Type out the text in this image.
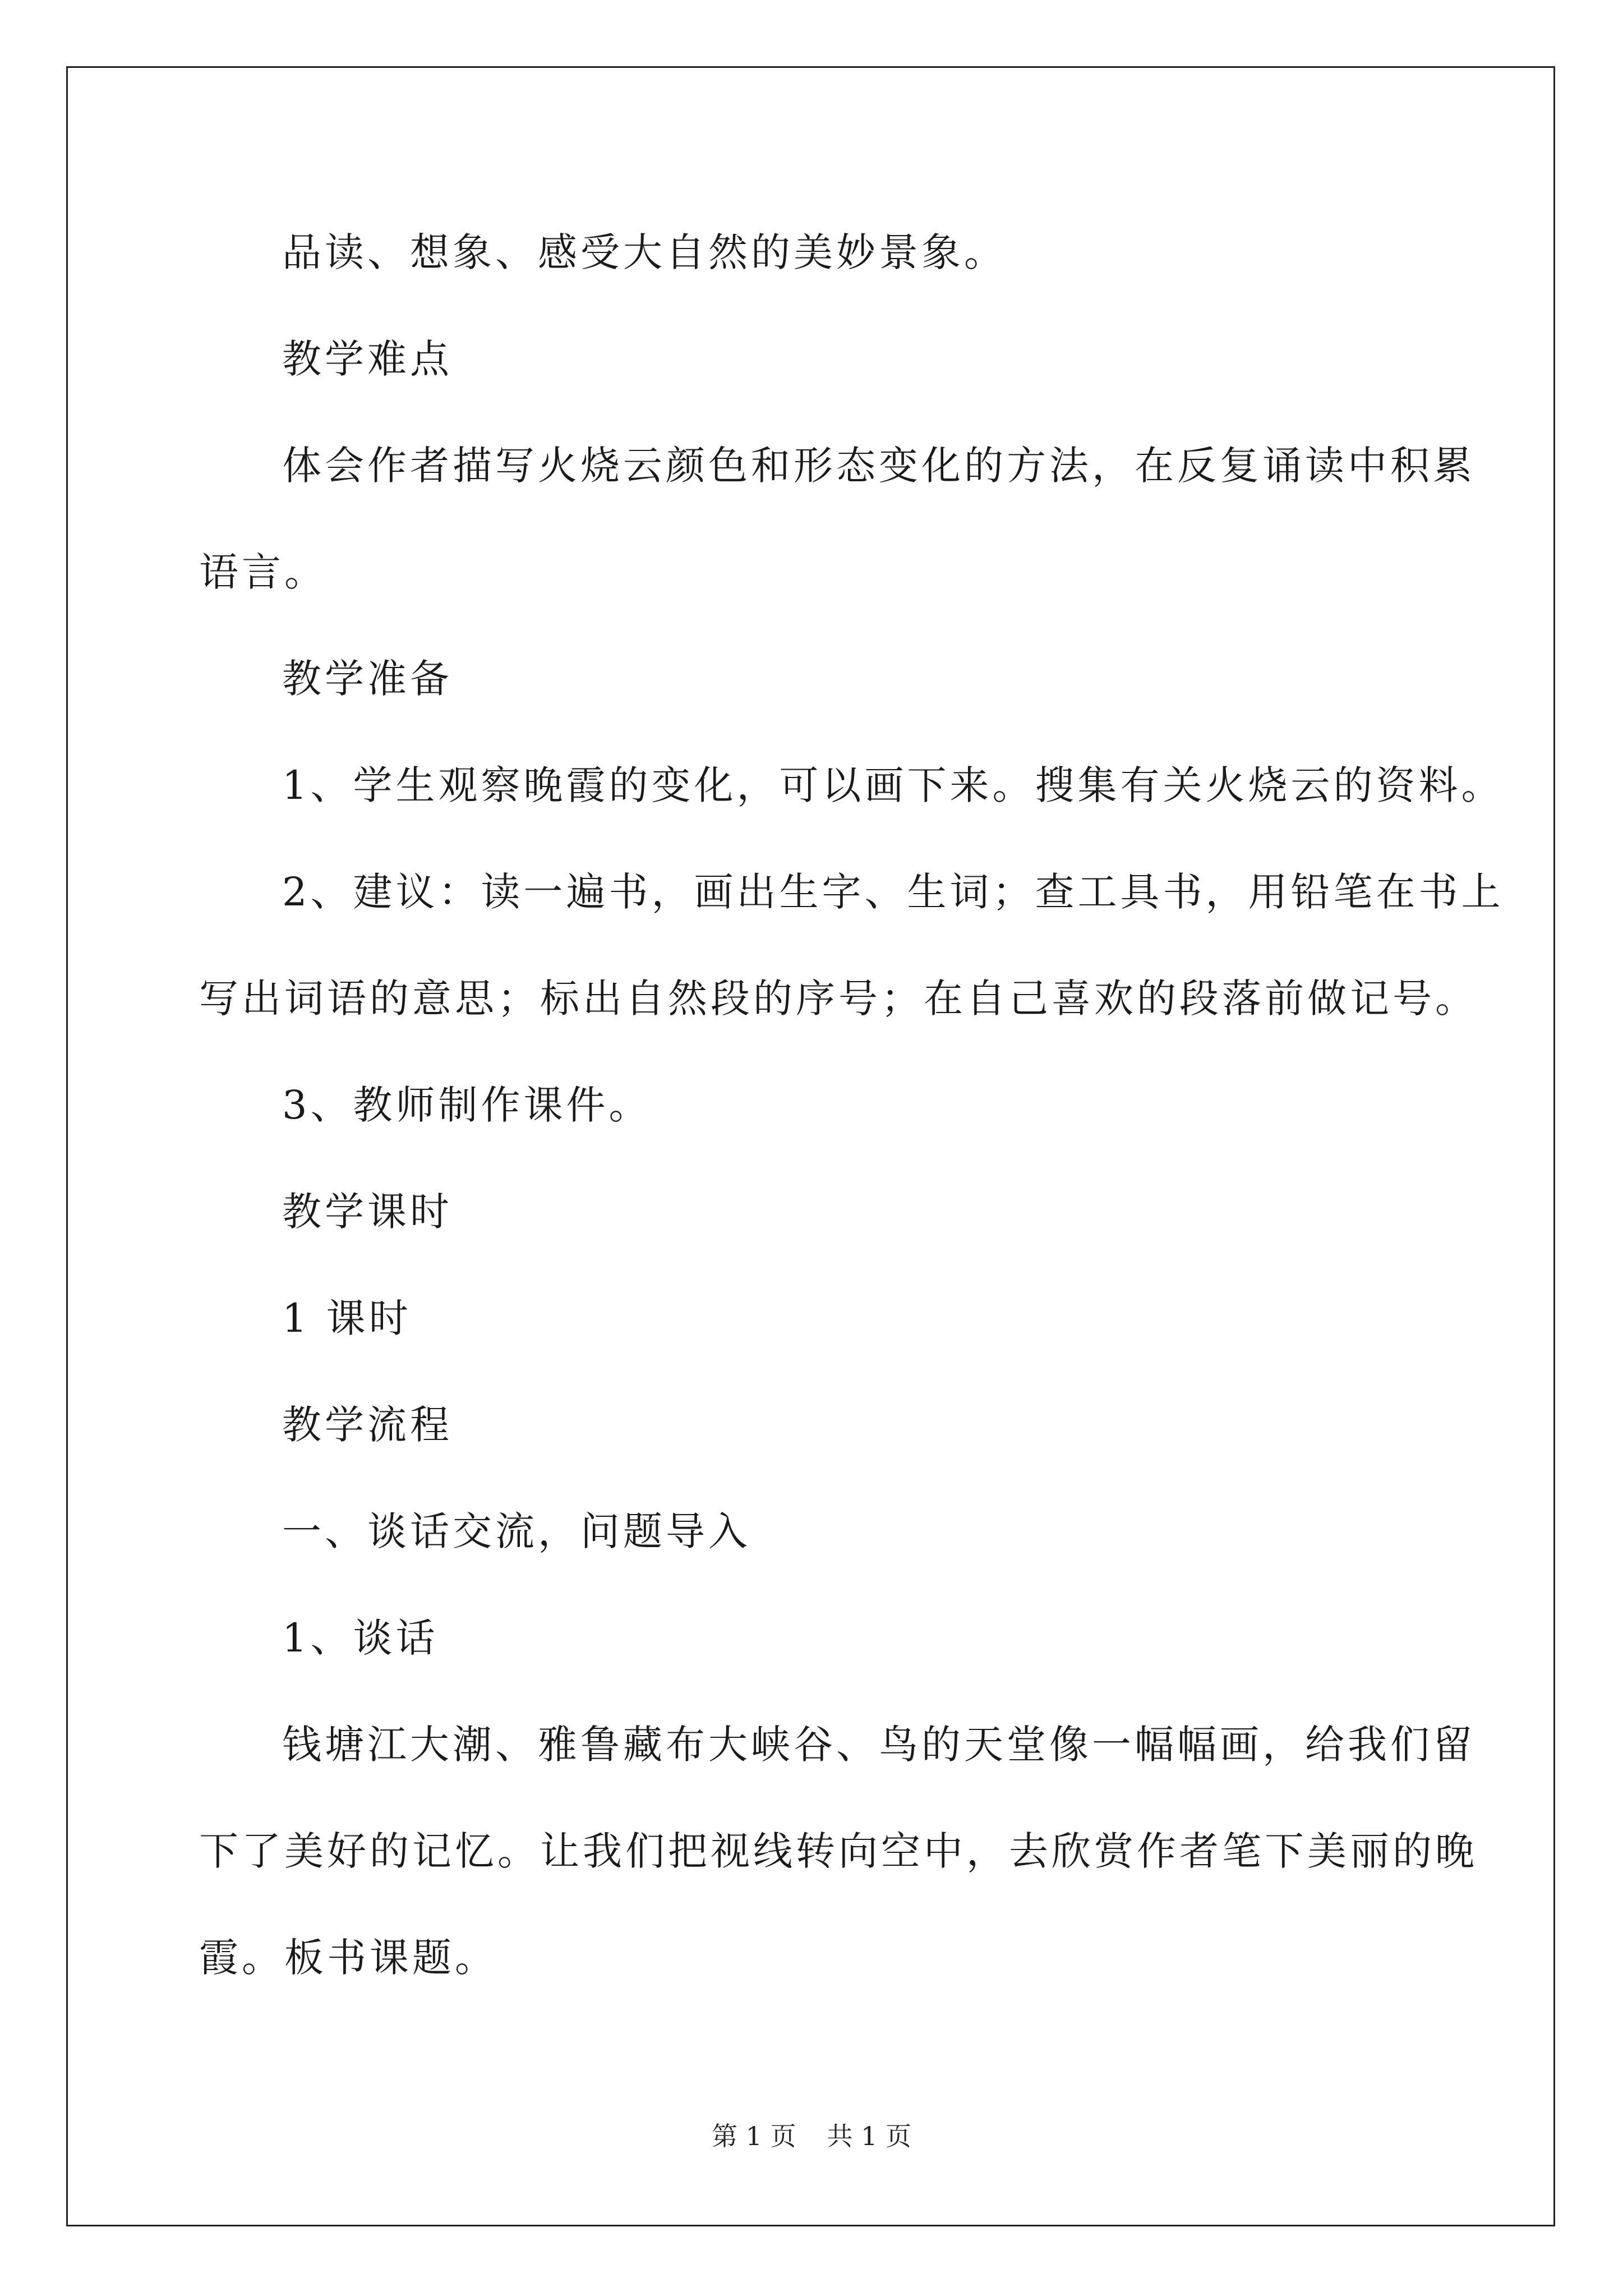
品读、想象、感受大自然的美妙景象。

教学难点

体会作者描写火烧云颜色和形态变化的方法，在反复诵读中积累

语言。

教学准备

1、学生观察晚霞的变化，可以画下来。搜集有关火烧云的资料。

2、建议：读一遍书，画出生字、生词；查工具书，用铅笔在书上

写出词语的意思；标出自然段的序号；在自己喜欢的段落前做记号。

3、教师制作课件。

教学课时

1 课时

教学流程

一、谈话交流，问题导入

1、谈话

钱塘江大潮、雅鲁藏布大峡谷、鸟的天堂像一幅幅画，给我们留

下了美好的记忆。让我们把视线转向空中，去欣赏作者笔下美丽的晚

霞。板书课题。

第 1 页 共 1 页
